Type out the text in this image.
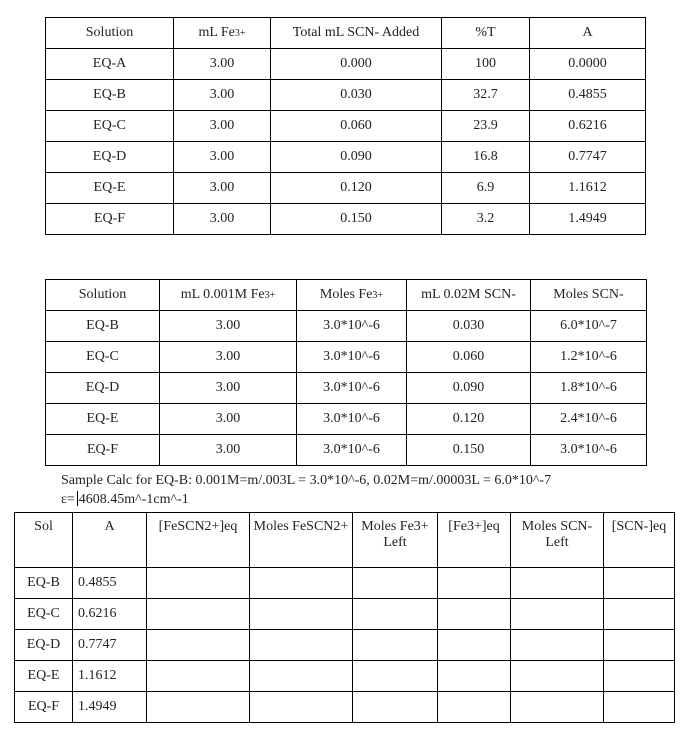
Solution	mL Fe3+	Total mL SCN- Added	%T	A
EQ-A	3.00	0.000	100	0.0000
EQ-B	3.00	0.030	32.7	0.4855
EQ-C	3.00	0.060	23.9	0.6216
EQ-D	3.00	0.090	16.8	0.7747
EQ-E	3.00	0.120	6.9	1.1612
EQ-F	3.00	0.150	3.2	1.4949
Solution	mL 0.001M Fe3+	Moles Fe3+	mL 0.02M SCN-	Moles SCN-
EQ-B	3.00	3.0*10^-6	0.030	6.0*10^-7
EQ-C	3.00	3.0*10^-6	0.060	1.2*10^-6
EQ-D	3.00	3.0*10^-6	0.090	1.8*10^-6
EQ-E	3.00	3.0*10^-6	0.120	2.4*10^-6
EQ-F	3.00	3.0*10^-6	0.150	3.0*10^-6
Sample Calc for EQ-B: 0.001M=m/.003L = 3.0*10^-6, 0.02M=m/.00003L = 6.0*10^-7
ε= 4608.45m^-1cm^-1
Sol	A	[FeSCN2+]eq	Moles FeSCN2+	Moles Fe3+ Left	[Fe3+]eq	Moles SCN- Left	[SCN-]eq
EQ-B	0.4855						
EQ-C	0.6216						
EQ-D	0.7747						
EQ-E	1.1612						
EQ-F	1.4949						
